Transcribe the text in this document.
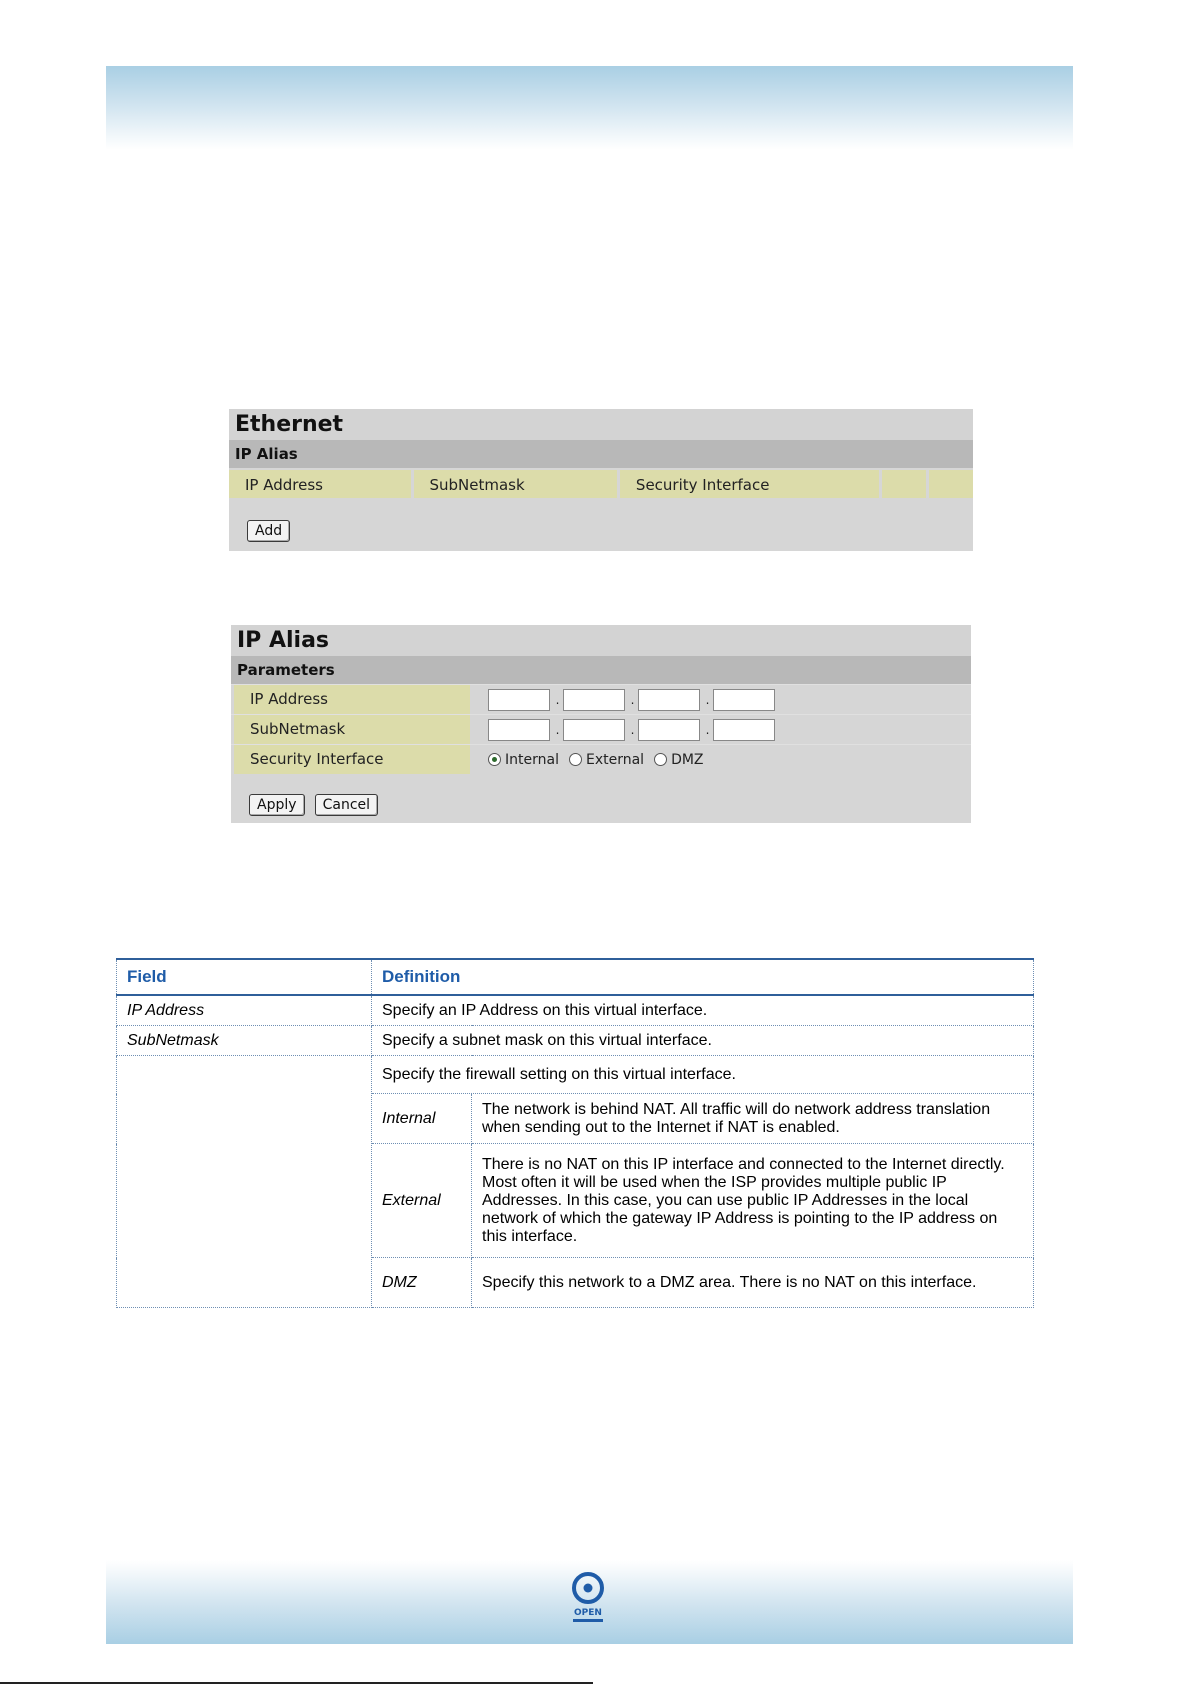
Ethernet
IP Alias
IP Address	SubNetmask	Security Interface
Add
IP Alias
Parameters
IP Address	.	.	.
SubNetmask	.	.	.
Security Interface	Internal External DMZ
Apply Cancel
Field	Definition	
IP Address	Specify an IP Address on this virtual interface.	
SubNetmask	Specify a subnet mask on this virtual interface.	
	Specify the firewall setting on this virtual interface.	
	Internal	The network is behind NAT. All traffic will do network address translation when sending out to the Internet if NAT is enabled.
	External	There is no NAT on this IP interface and connected to the Internet directly. Most often it will be used when the ISP provides multiple public IP Addresses. In this case, you can use public IP Addresses in the local network of which the gateway IP Address is pointing to the IP address on this interface.
	DMZ	Specify this network to a DMZ area. There is no NAT on this interface.
OPEN
